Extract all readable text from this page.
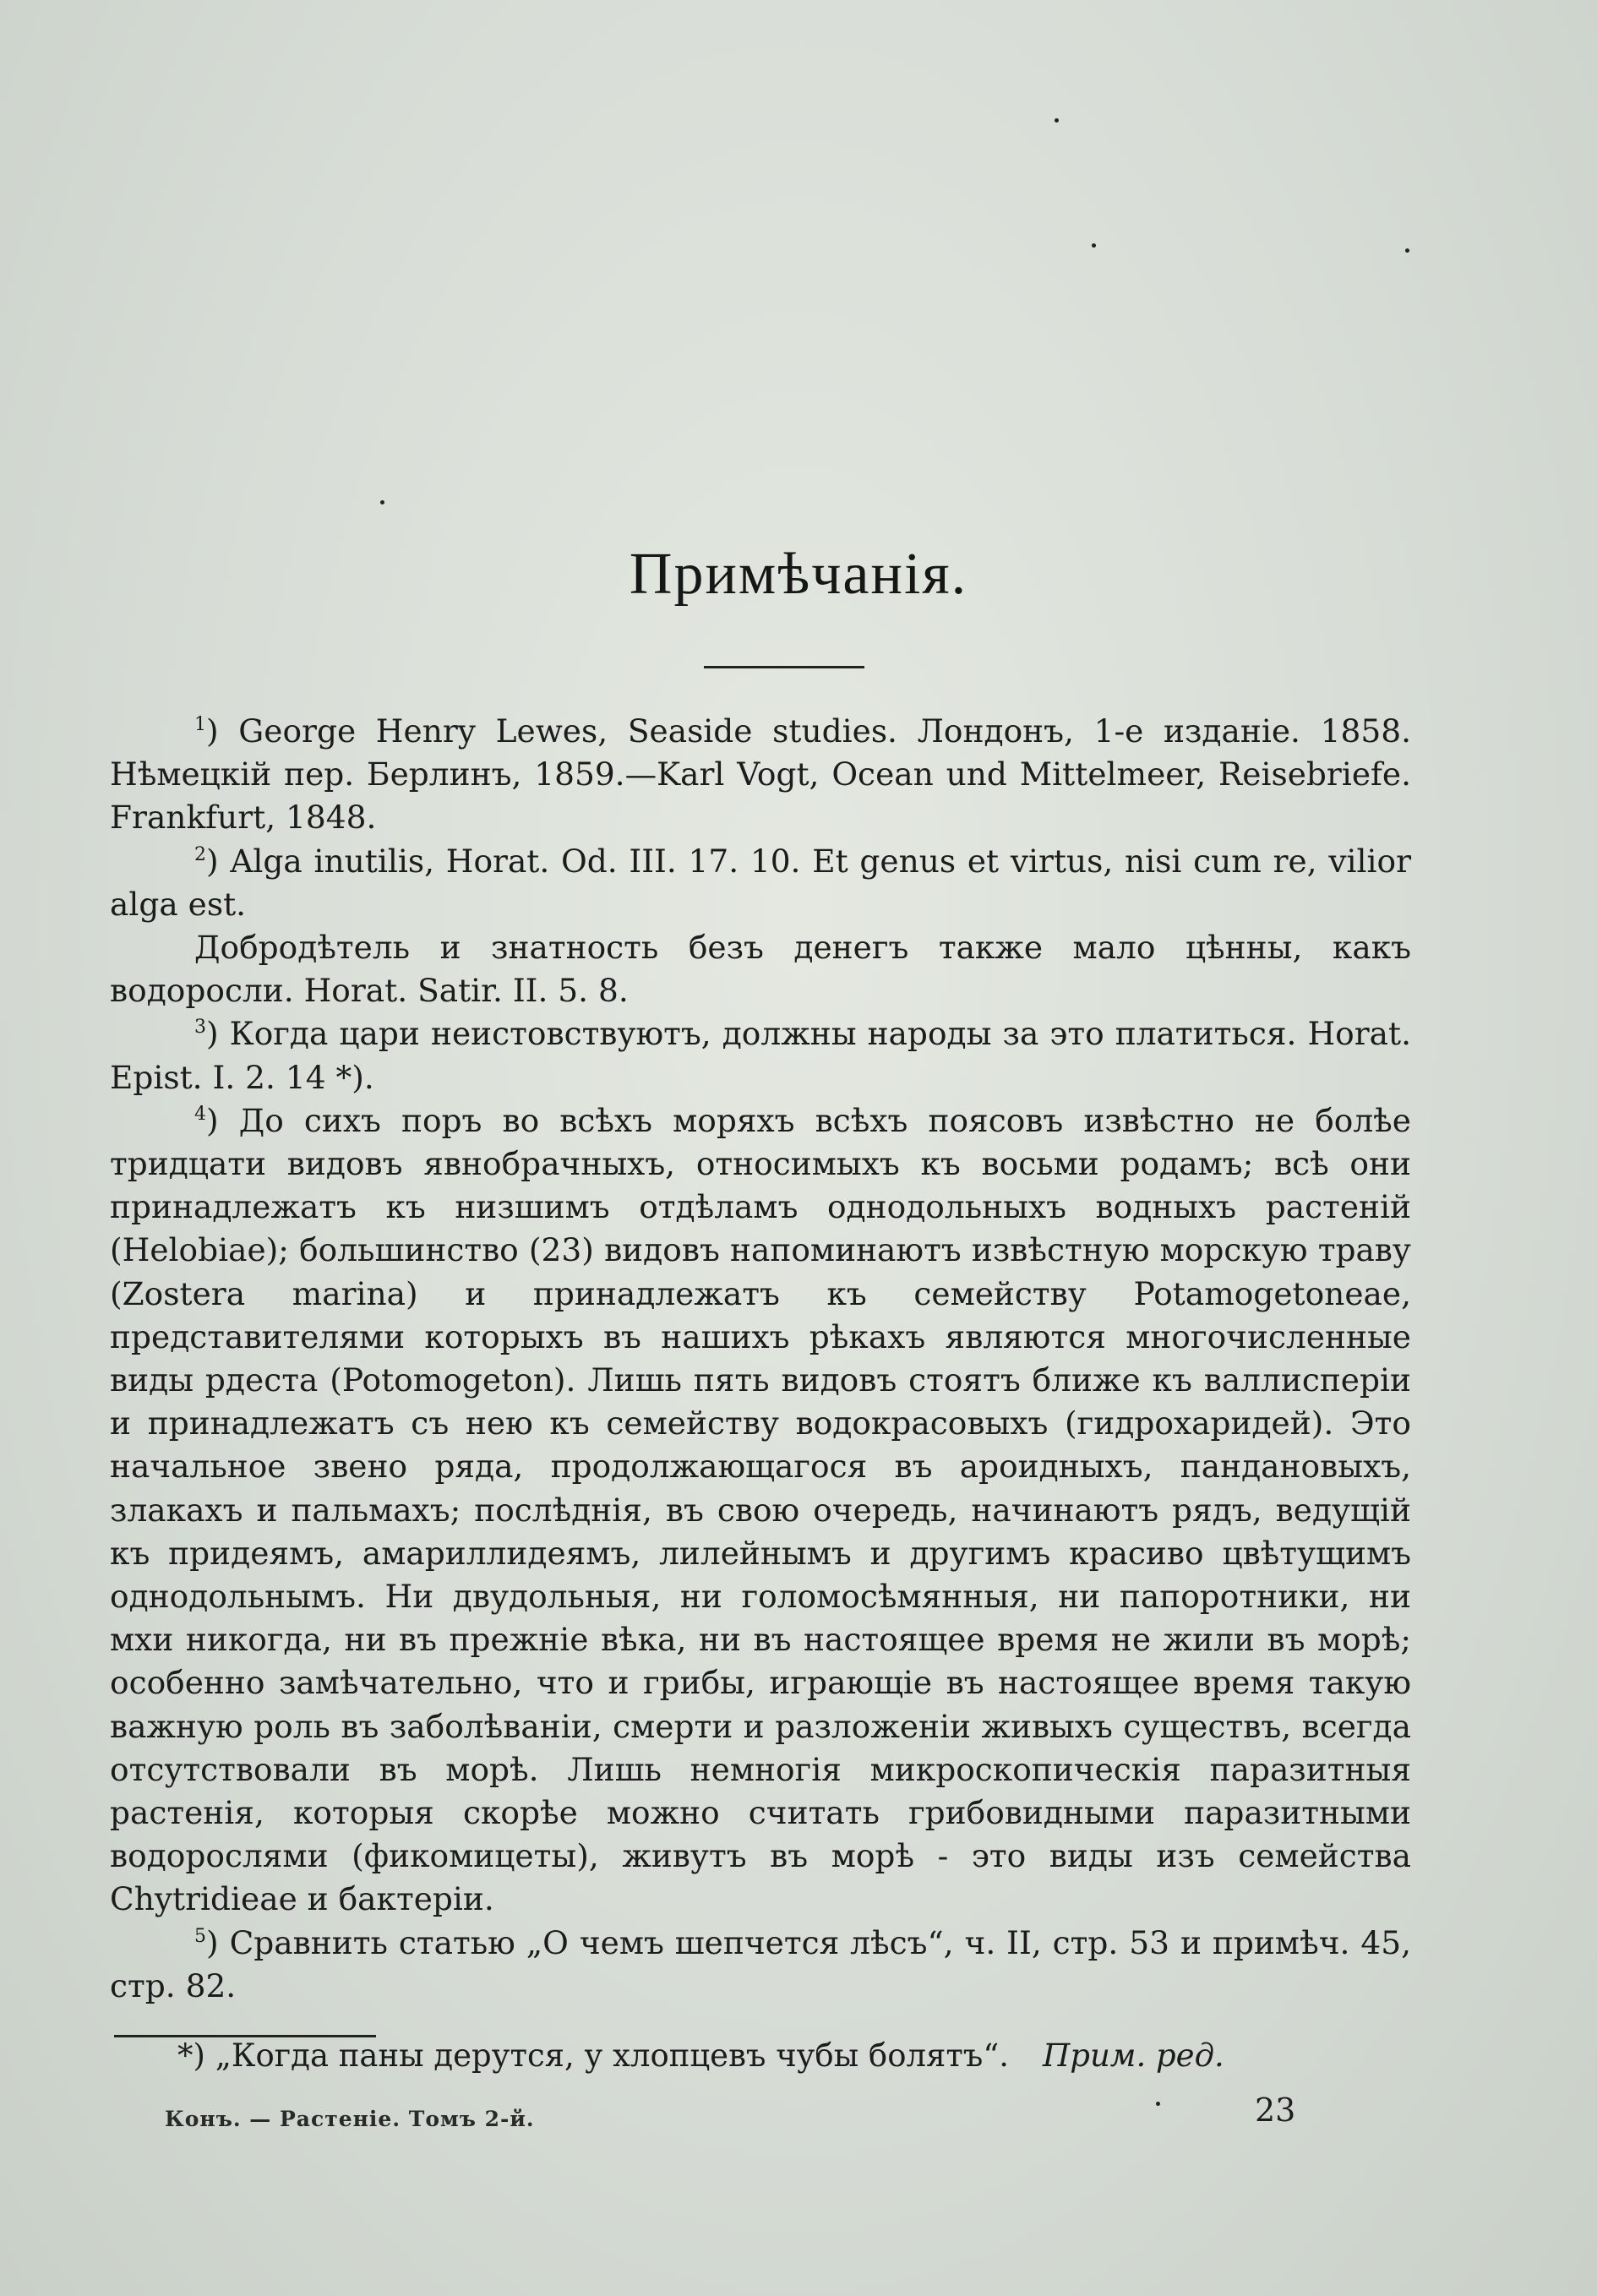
Примѣчанія.

$^1$) George Henry Lewes, Seaside studies. Лондонъ, 1-е изданіе. 1858. Нѣмецкій пер. Берлинъ, 1859.—Karl Vogt, Ocean und Mittelmeer, Reisebriefe. Frankfurt, 1848.

$^2$) Alga inutilis, Horat. Od. III. 17. 10. Et genus et virtus, nisi cum re, vilior alga est.

Добродѣтель и знатность безъ денегъ также мало цѣнны, какъ водоросли. Horat. Satir. II. 5. 8.

$^3$) Когда цари неистовствуютъ, должны народы за это платиться. Horat. Epist. I. 2. 14 *).

$^4$) До сихъ поръ во всѣхъ моряхъ всѣхъ поясовъ извѣстно не болѣе тридцати видовъ явнобрачныхъ, относимыхъ къ восьми родамъ; всѣ они принадлежатъ къ низшимъ отдѣламъ однодольныхъ водныхъ растеній (Helobiae); большинство (23) видовъ напоминаютъ извѣстную морскую траву (Zostera marina) и принадлежатъ къ семейству Potamogetoneae, представителями которыхъ въ нашихъ рѣкахъ являются многочисленные виды рдеста (Potomogeton). Лишь пять видовъ стоятъ ближе къ валлисперіи и принадлежатъ съ нею къ семейству водокрасовыхъ (гидрохаридей). Это начальное звено ряда, продолжающагося въ ароидныхъ, пандановыхъ, злакахъ и пальмахъ; послѣднія, въ свою очередь, начинаютъ рядъ, ведущій къ придеямъ, амариллидеямъ, лилейнымъ и другимъ красиво цвѣтущимъ однодольнымъ. Ни двудольныя, ни голомосѣмянныя, ни папоротники, ни мхи никогда, ни въ прежніе вѣка, ни въ настоящее время не жили въ морѣ; особенно замѣчательно, что и грибы, играющіе въ настоящее время такую важную роль въ заболѣваніи, смерти и разложеніи живыхъ существъ, всегда отсутствовали въ морѣ. Лишь немногія микроскопическія паразитныя растенія, которыя скорѣе можно считать грибовидными паразитными водорослями (фикомицеты), живутъ въ морѣ - это виды изъ семейства Chytridieae и бактеріи.

$^5$) Сравнить статью „О чемъ шепчется лѣсъ“, ч. II, стр. 53 и примѣч. 45, стр. 82.

*) „Когда паны дерутся, у хлопцевъ чубы болятъ“. Прим. ред.
Конъ. — Растеніе. Томъ 2-й.	23
